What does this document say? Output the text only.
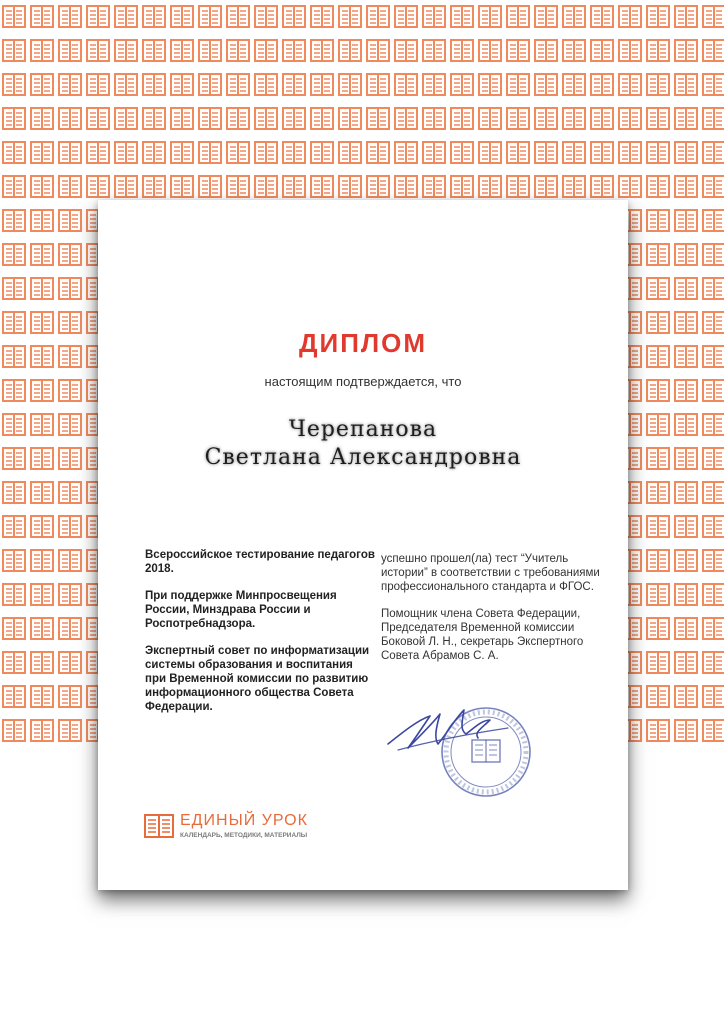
ДИПЛОМ
настоящим подтверждается, что
Черепанова
Светлана Александровна

Всероссийское тестирование педагогов 2018.

При поддержке Минпросвещения России, Минздрава России и Роспотребнадзора.

Экспертный совет по информатизации системы образования и воспитания при Временной комиссии по развитию информационного общества Совета Федерации.

успешно прошел(ла) тест “Учитель истории” в соответствии с требованиями профессионального стандарта и ФГОС.

Помощник члена Совета Федерации, Председателя Временной комиссии Боковой Л. Н., секретарь Экспертного Совета Абрамов С. А.

ЕДИНЫЙ УРОК
КАЛЕНДАРЬ, МЕТОДИКИ, МАТЕРИАЛЫ
